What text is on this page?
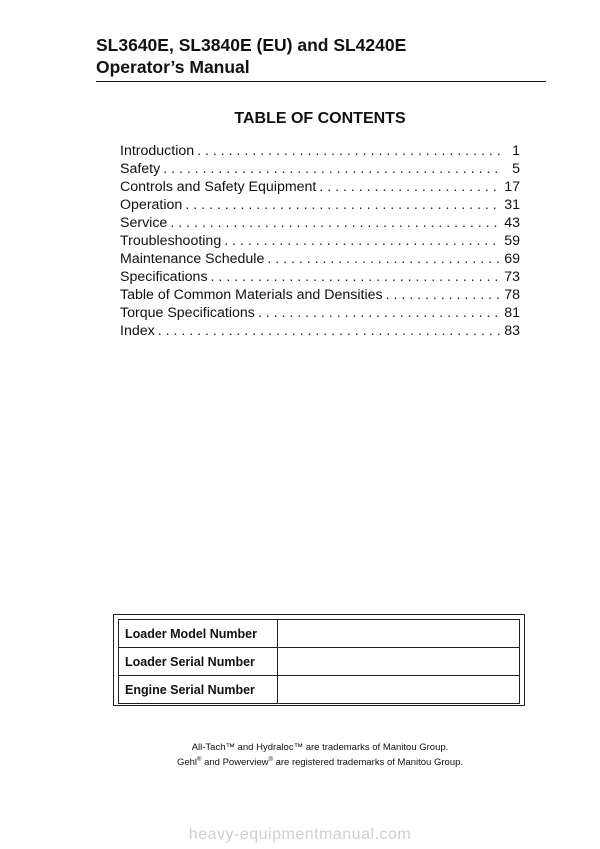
SL3640E, SL3840E (EU) and SL4240E
Operator’s Manual
TABLE OF CONTENTS
Introduction . . .	1
Safety . . .	5
Controls and Safety Equipment . . .	17
Operation . . .	31
Service . . .	43
Troubleshooting . . .	59
Maintenance Schedule . . .	69
Specifications . . .	73
Table of Common Materials and Densities . . .	78
Torque Specifications . . .	81
Index . . .	83
Loader Model Number	
Loader Serial Number	
Engine Serial Number	
All-Tach™ and Hydraloc™ are trademarks of Manitou Group.
Gehl® and Powerview® are registered trademarks of Manitou Group.
heavy-equipmentmanual.com
